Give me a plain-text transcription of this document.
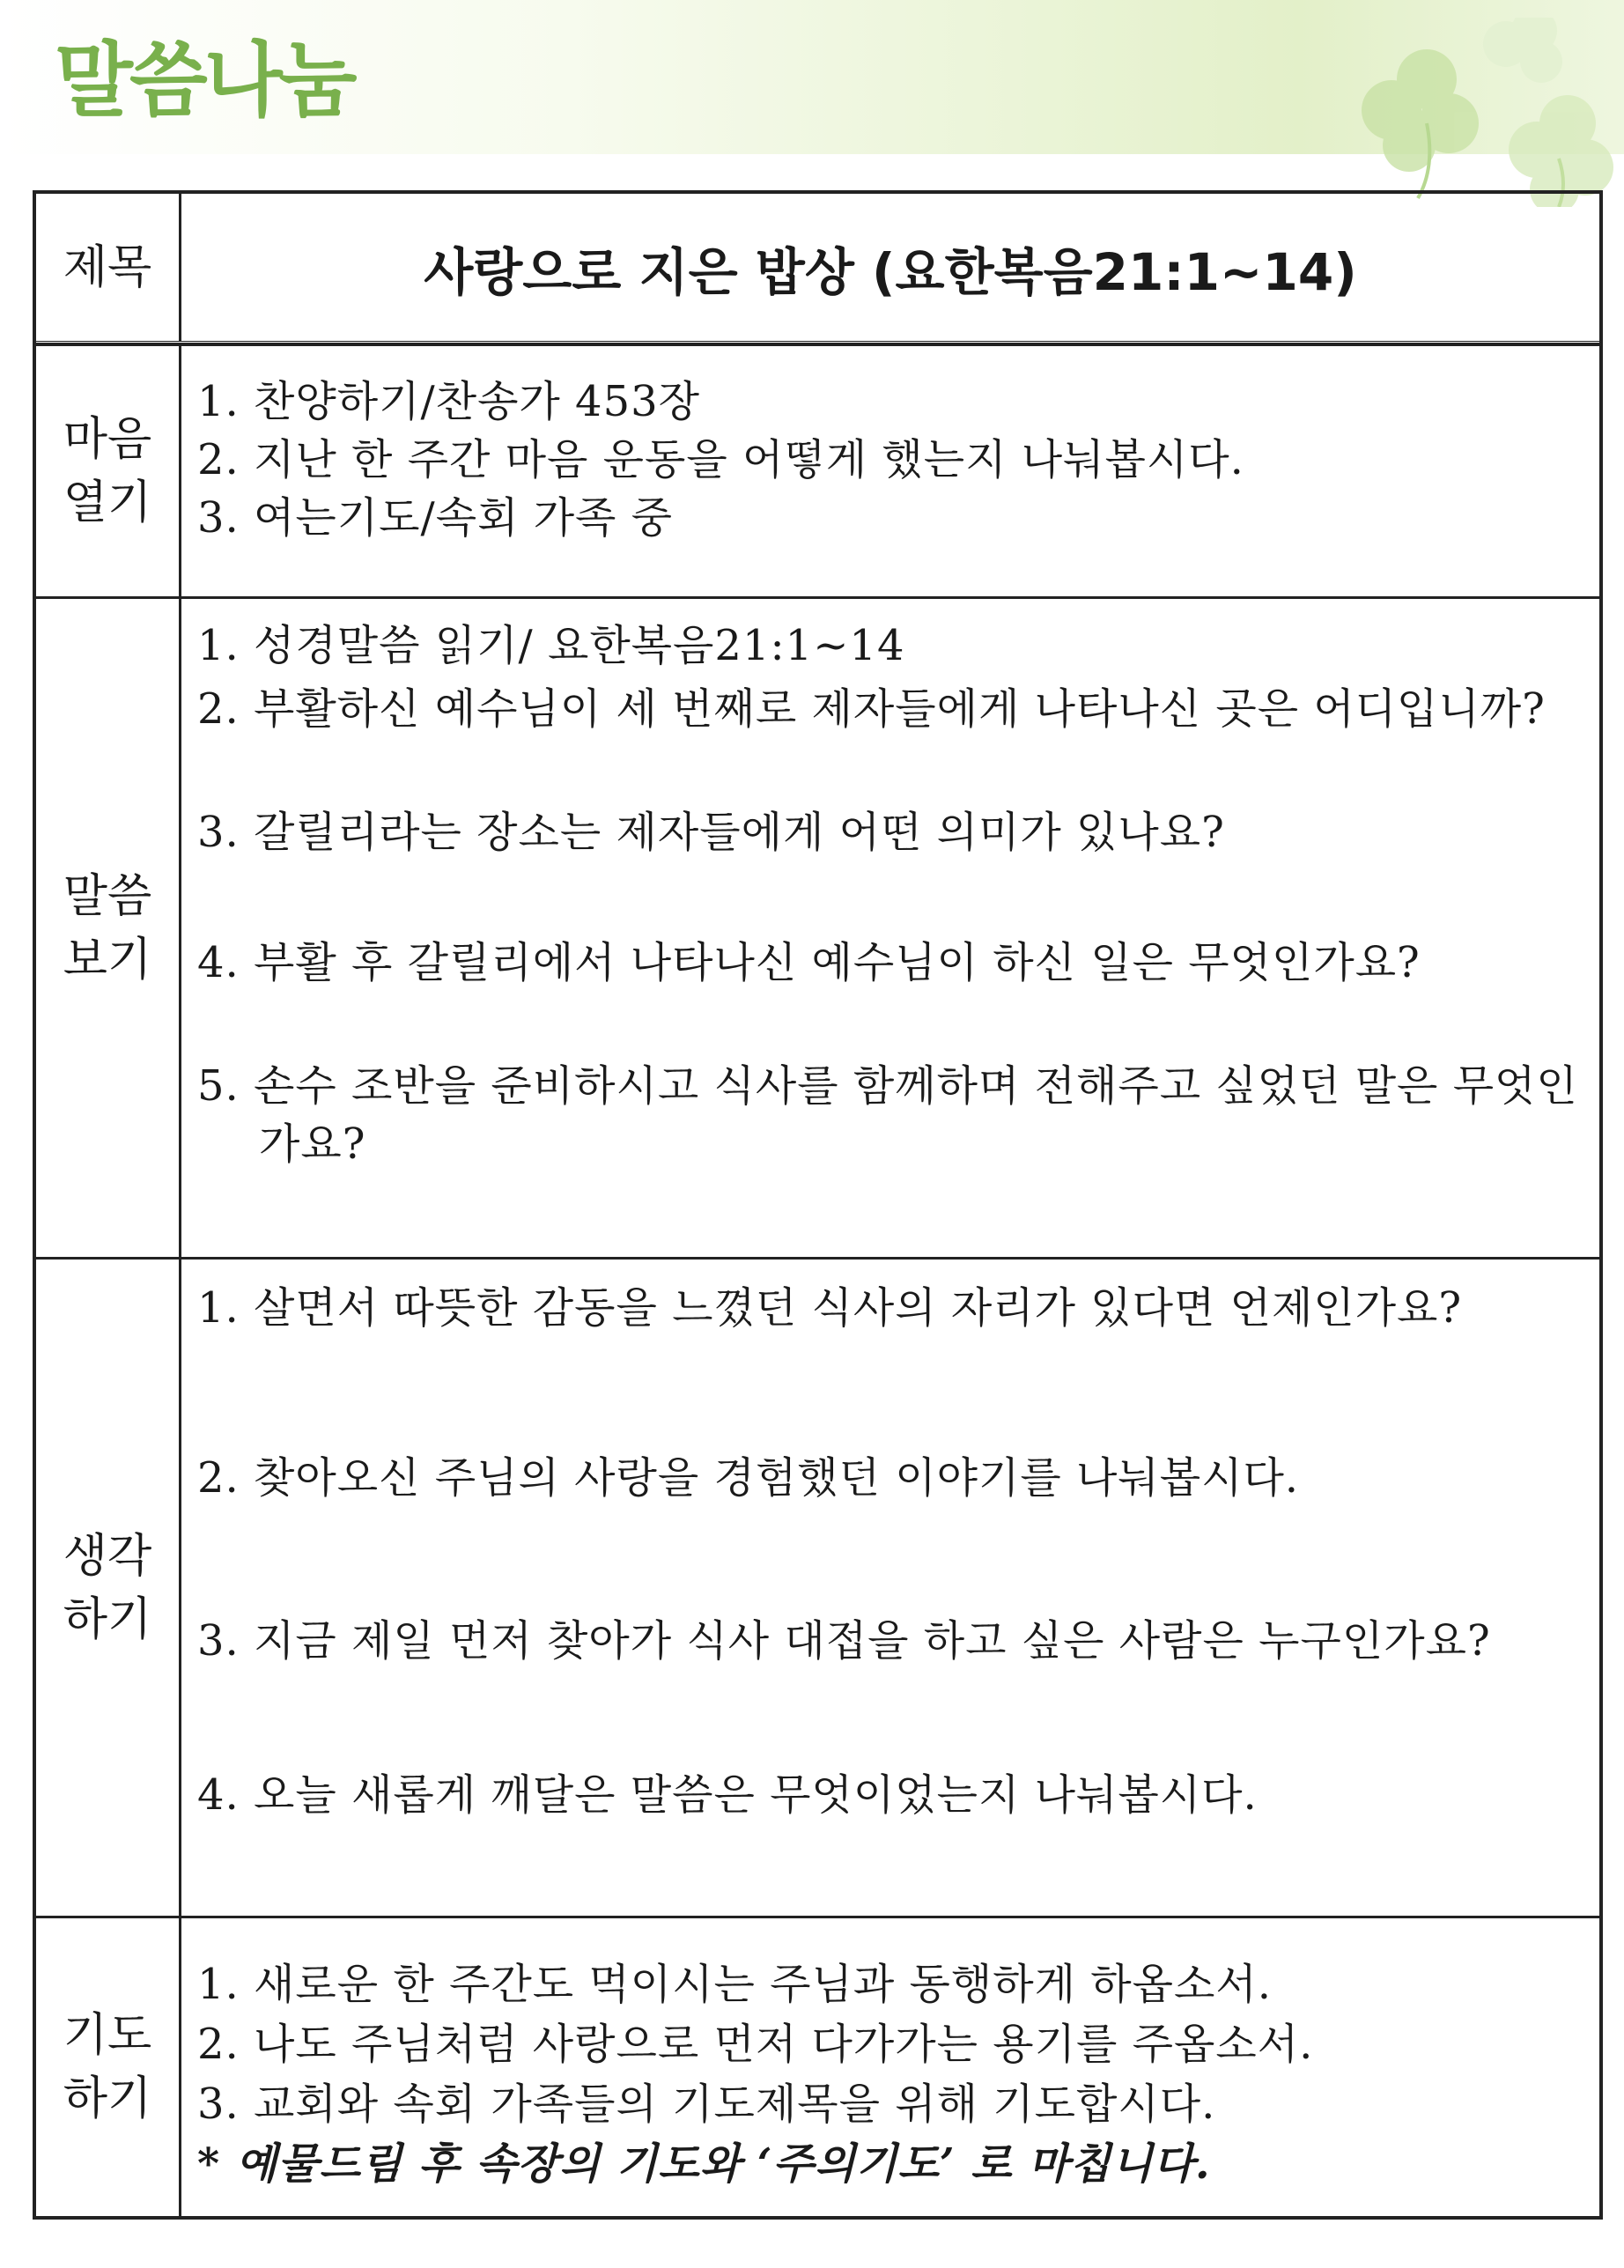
말씀나눔
제목	사랑으로 지은 밥상 (요한복음21:1~14)
마음
열기
1. 찬양하기/찬송가 453장
2. 지난 한 주간 마음 운동을 어떻게 했는지 나눠봅시다.
3. 여는기도/속회 가족 중
말씀
보기
1. 성경말씀 읽기/ 요한복음21:1~14
2. 부활하신 예수님이 세 번째로 제자들에게 나타나신 곳은 어디입니까?
3. 갈릴리라는 장소는 제자들에게 어떤 의미가 있나요?
4. 부활 후 갈릴리에서 나타나신 예수님이 하신 일은 무엇인가요?
5. 손수 조반을 준비하시고 식사를 함께하며 전해주고 싶었던 말은 무엇인가요?
생각
하기
1. 살면서 따뜻한 감동을 느꼈던 식사의 자리가 있다면 언제인가요?
2. 찾아오신 주님의 사랑을 경험했던 이야기를 나눠봅시다.
3. 지금 제일 먼저 찾아가 식사 대접을 하고 싶은 사람은 누구인가요?
4. 오늘 새롭게 깨달은 말씀은 무엇이었는지 나눠봅시다.
기도
하기
1. 새로운 한 주간도 먹이시는 주님과 동행하게 하옵소서.
2. 나도 주님처럼 사랑으로 먼저 다가가는 용기를 주옵소서.
3. 교회와 속회 가족들의 기도제목을 위해 기도합시다.
* 예물드림 후 속장의 기도와 ‘주의기도’ 로 마칩니다.
